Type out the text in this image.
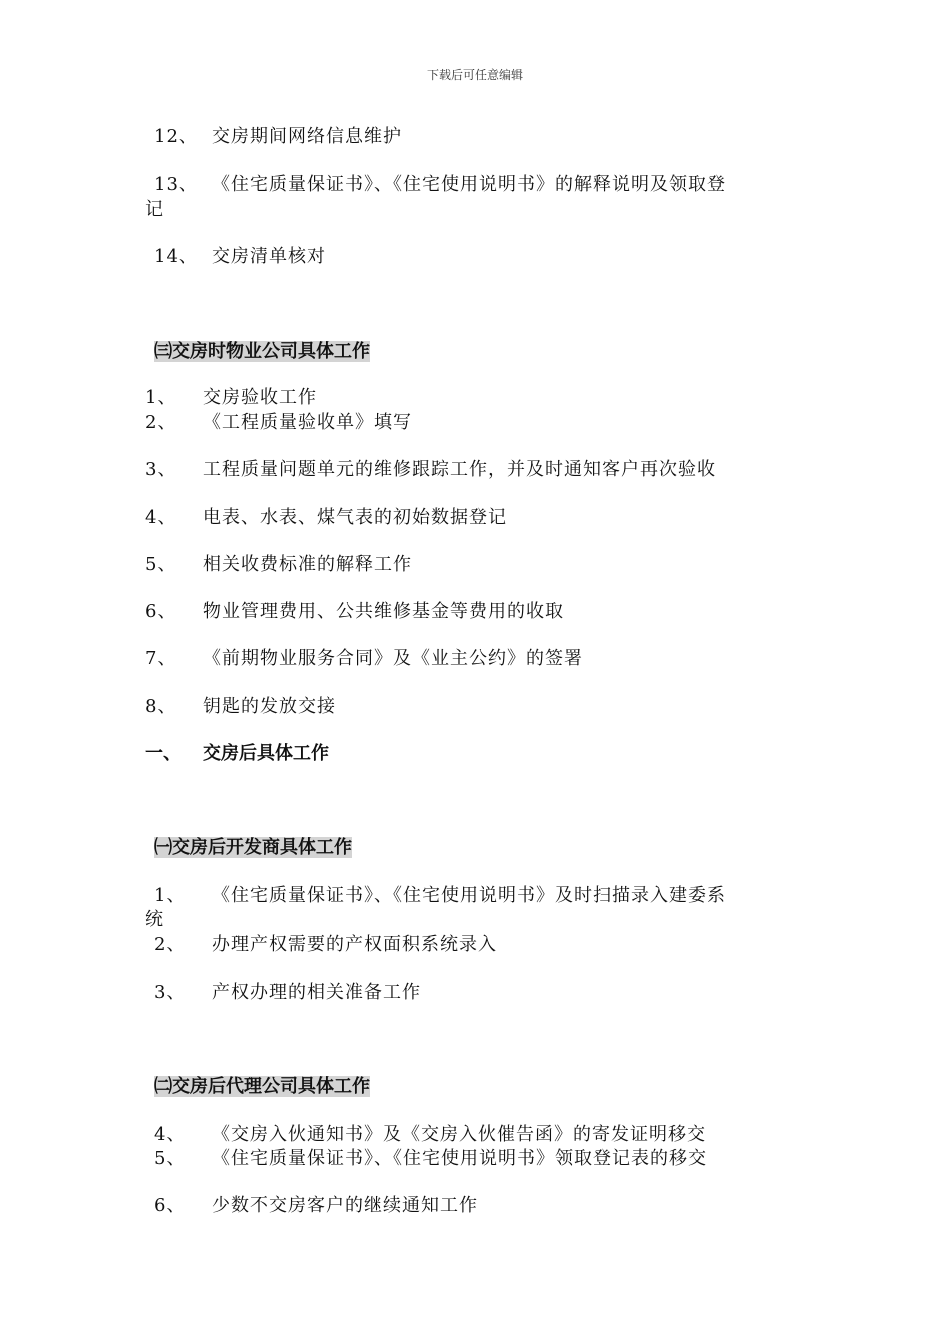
下载后可任意编辑
12、 交房期间网络信息维护
13、 《住宅质量保证书》、《住宅使用说明书》的解释说明及领取登
记
14、 交房清单核对
㈢交房时物业公司具体工作
1、 交房验收工作
2、 《工程质量验收单》填写
3、 工程质量问题单元的维修跟踪工作，并及时通知客户再次验收
4、 电表、水表、煤气表的初始数据登记
5、 相关收费标准的解释工作
6、 物业管理费用、公共维修基金等费用的收取
7、 《前期物业服务合同》及《业主公约》的签署
8、 钥匙的发放交接
一、 交房后具体工作
㈠交房后开发商具体工作
1、 《住宅质量保证书》、《住宅使用说明书》及时扫描录入建委系
统
2、 办理产权需要的产权面积系统录入
3、 产权办理的相关准备工作
㈡交房后代理公司具体工作
4、 《交房入伙通知书》及《交房入伙催告函》的寄发证明移交
5、 《住宅质量保证书》、《住宅使用说明书》领取登记表的移交
6、 少数不交房客户的继续通知工作
